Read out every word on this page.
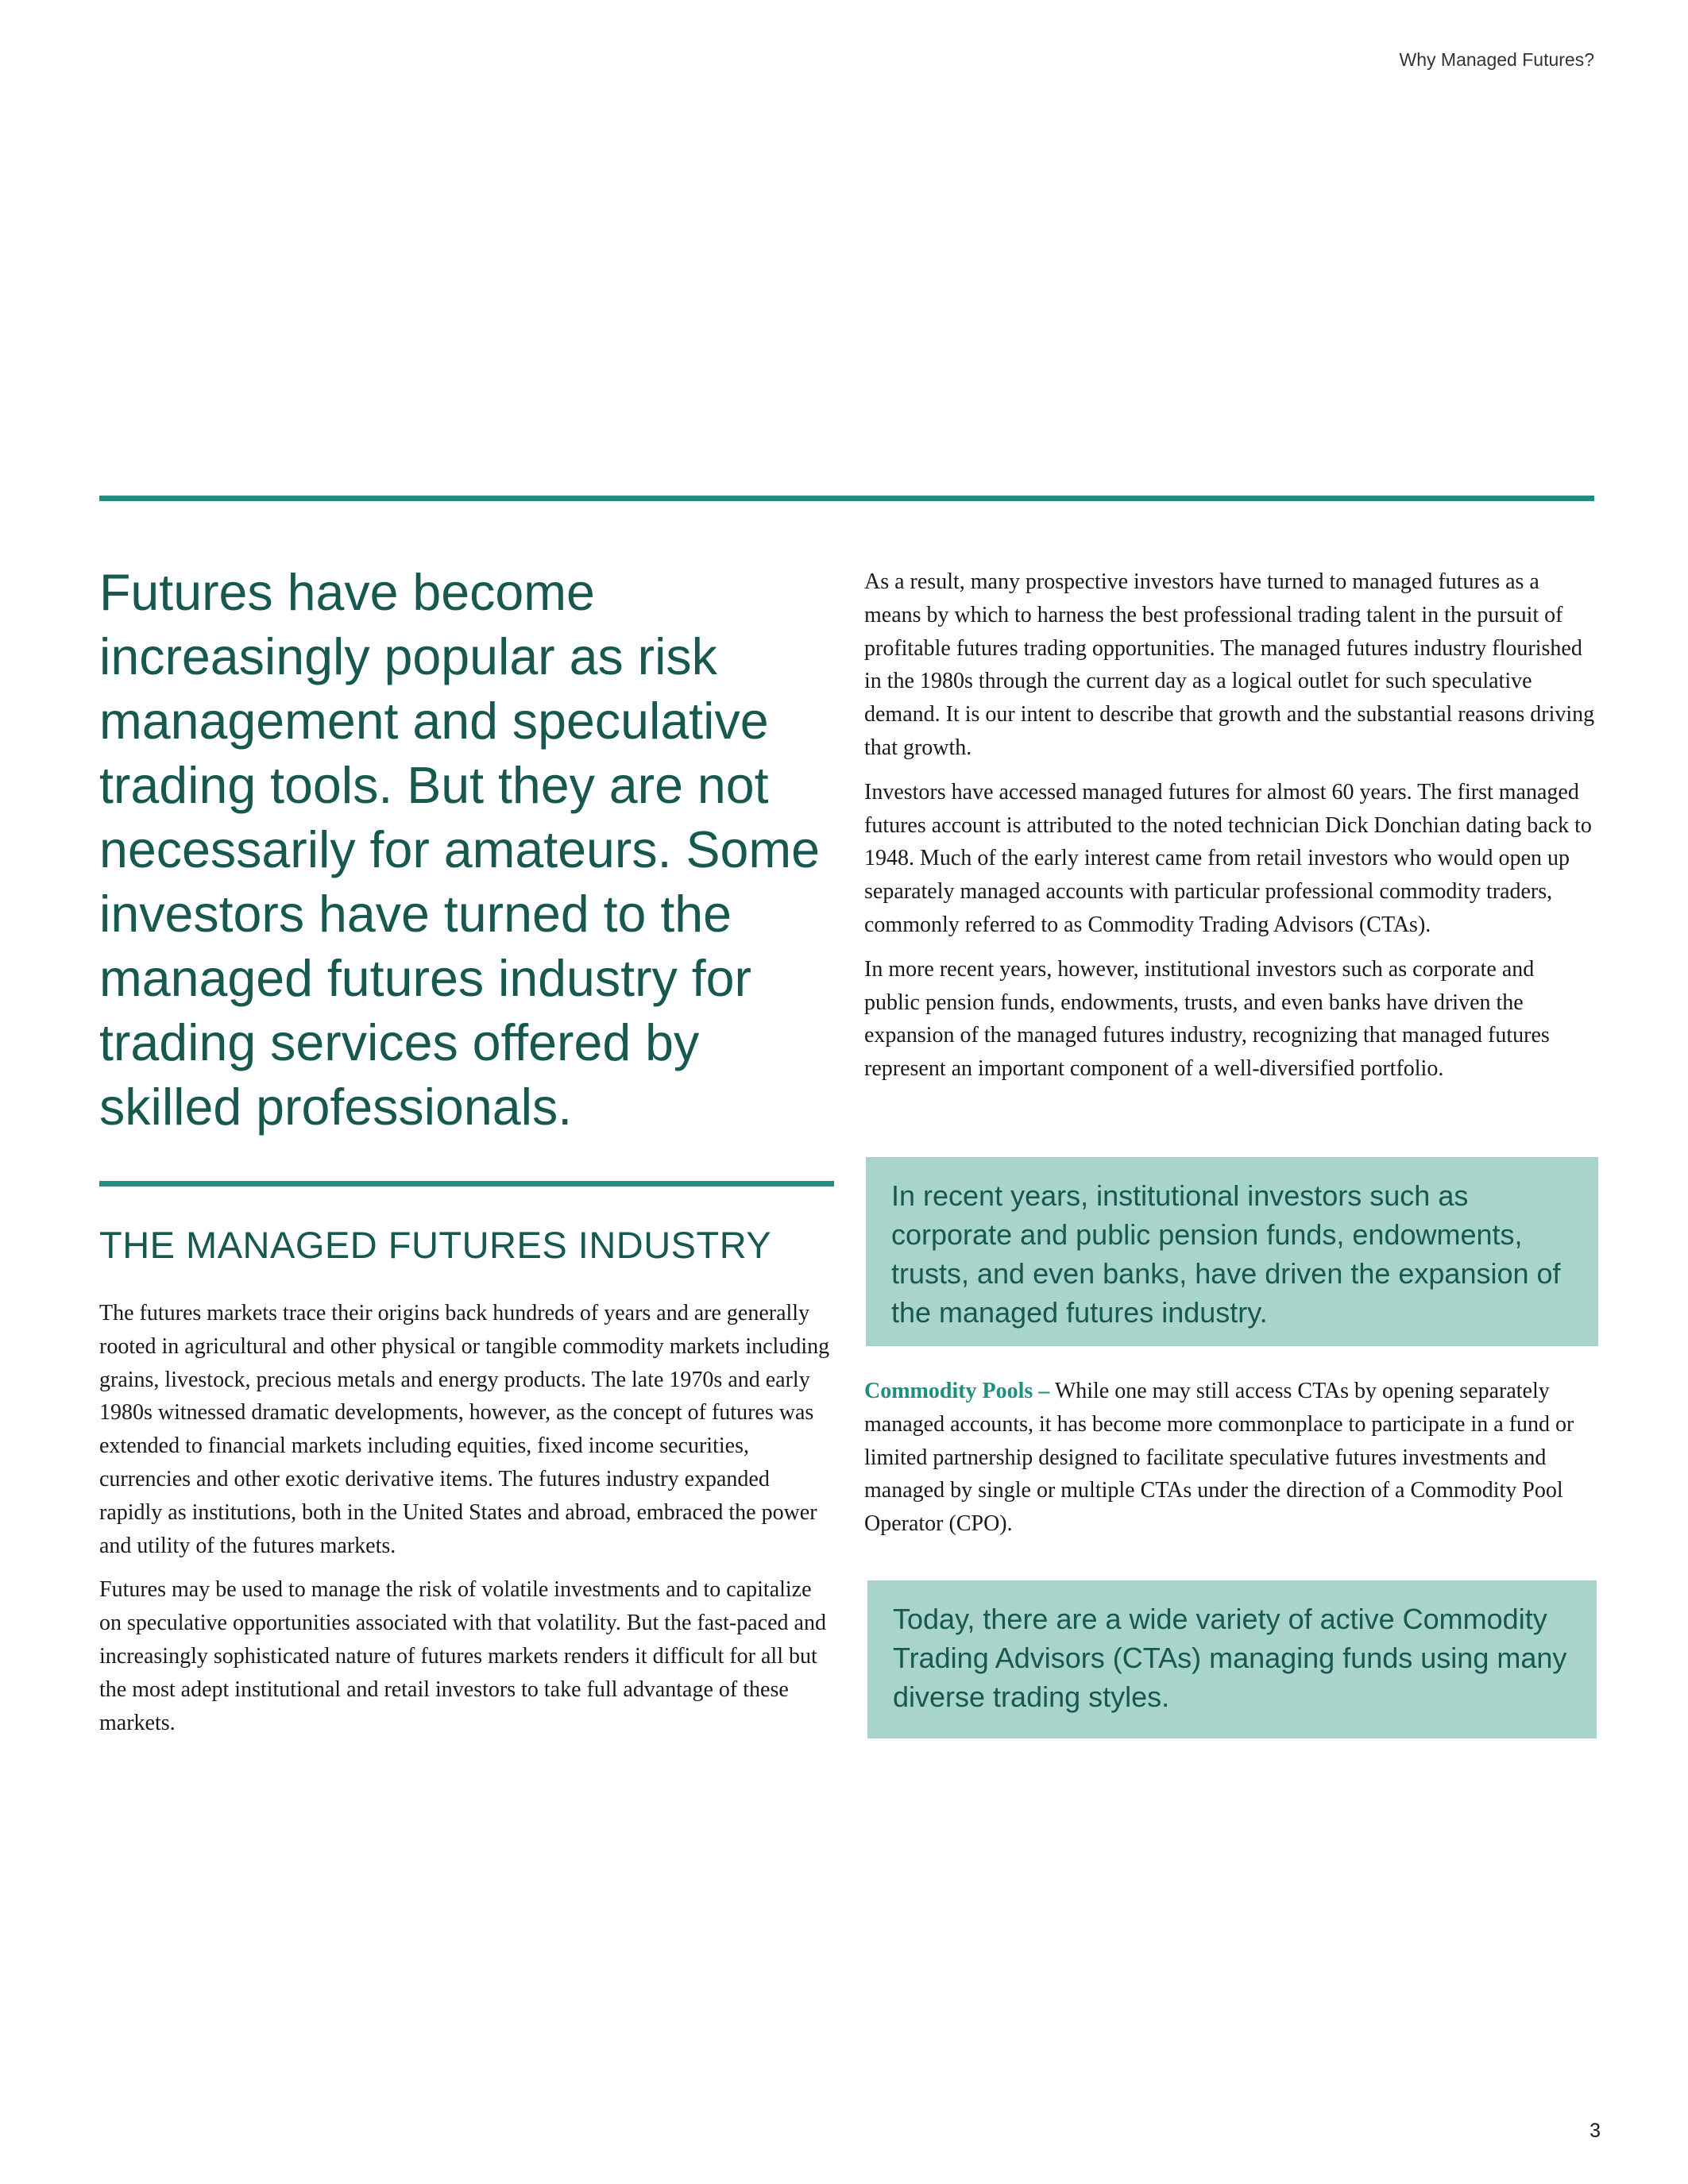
Why Managed Futures?
Futures have become increasingly popular as risk management and speculative trading tools. But they are not necessarily for amateurs. Some investors have turned to the managed futures industry for trading services offered by skilled professionals.
THE MANAGED FUTURES INDUSTRY

The futures markets trace their origins back hundreds of years and are generally rooted in agricultural and other physical or tangible commodity markets including grains, livestock, precious metals and energy products. The late 1970s and early 1980s witnessed dramatic developments, however, as the concept of futures was extended to financial markets including equities, fixed income securities, currencies and other exotic derivative items. The futures industry expanded rapidly as institutions, both in the United States and abroad, embraced the power and utility of the futures markets.

Futures may be used to manage the risk of volatile investments and to capitalize on speculative opportunities associated with that volatility. But the fast-paced and increasingly sophisticated nature of futures markets renders it difficult for all but the most adept institutional and retail investors to take full advantage of these markets.

As a result, many prospective investors have turned to managed futures as a means by which to harness the best professional trading talent in the pursuit of profitable futures trading opportunities. The managed futures industry flourished in the 1980s through the current day as a logical outlet for such speculative demand. It is our intent to describe that growth and the substantial reasons driving that growth.

Investors have accessed managed futures for almost 60 years. The first managed futures account is attributed to the noted technician Dick Donchian dating back to 1948. Much of the early interest came from retail investors who would open up separately managed accounts with particular professional commodity traders, commonly referred to as Commodity Trading Advisors (CTAs).

In more recent years, however, institutional investors such as corporate and public pension funds, endowments, trusts, and even banks have driven the expansion of the managed futures industry, recognizing that managed futures represent an important component of a well-diversified portfolio.

In recent years, institutional investors such as corporate and public pension funds, endowments, trusts, and even banks, have driven the expansion of the managed futures industry.

Commodity Pools – While one may still access CTAs by opening separately managed accounts, it has become more commonplace to participate in a fund or limited partnership designed to facilitate speculative futures investments and managed by single or multiple CTAs under the direction of a Commodity Pool Operator (CPO).

Today, there are a wide variety of active Commodity Trading Advisors (CTAs) managing funds using many diverse trading styles.
3
